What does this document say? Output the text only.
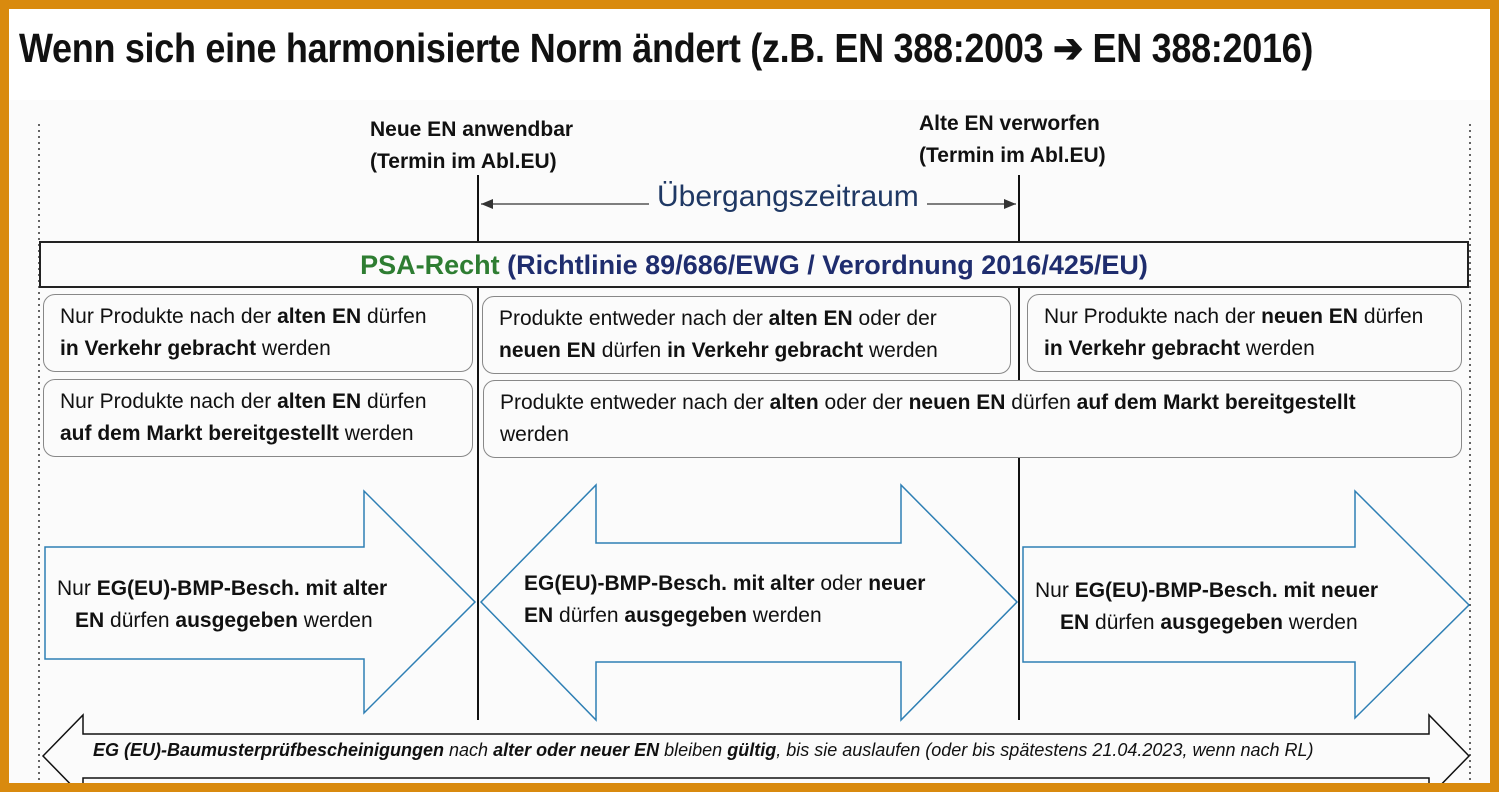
Wenn sich eine harmonisierte Norm ändert (z.B. EN 388:2003 ➔ EN 388:2016)
Neue EN anwendbar
(Termin im Abl.EU)
Alte EN verworfen
(Termin im Abl.EU)
Übergangszeitraum
PSA-Recht (Richtlinie 89/686/EWG / Verordnung 2016/425/EU)
Nur Produkte nach der alten EN dürfen
in Verkehr gebracht werden
Produkte entweder nach der alten EN oder der
neuen EN dürfen in Verkehr gebracht werden
Nur Produkte nach der neuen EN dürfen
in Verkehr gebracht werden
Nur Produkte nach der alten EN dürfen
auf dem Markt bereitgestellt werden
Produkte entweder nach der alten oder der neuen EN dürfen auf dem Markt bereitgestellt
werden
Nur EG(EU)-BMP-Besch. mit alter
EN dürfen ausgegeben werden
EG(EU)-BMP-Besch. mit alter oder neuer
EN dürfen ausgegeben werden
Nur EG(EU)-BMP-Besch. mit neuer
EN dürfen ausgegeben werden
EG (EU)-Baumusterprüfbescheinigungen nach alter oder neuer EN bleiben gültig, bis sie auslaufen (oder bis spätestens 21.04.2023, wenn nach RL)
